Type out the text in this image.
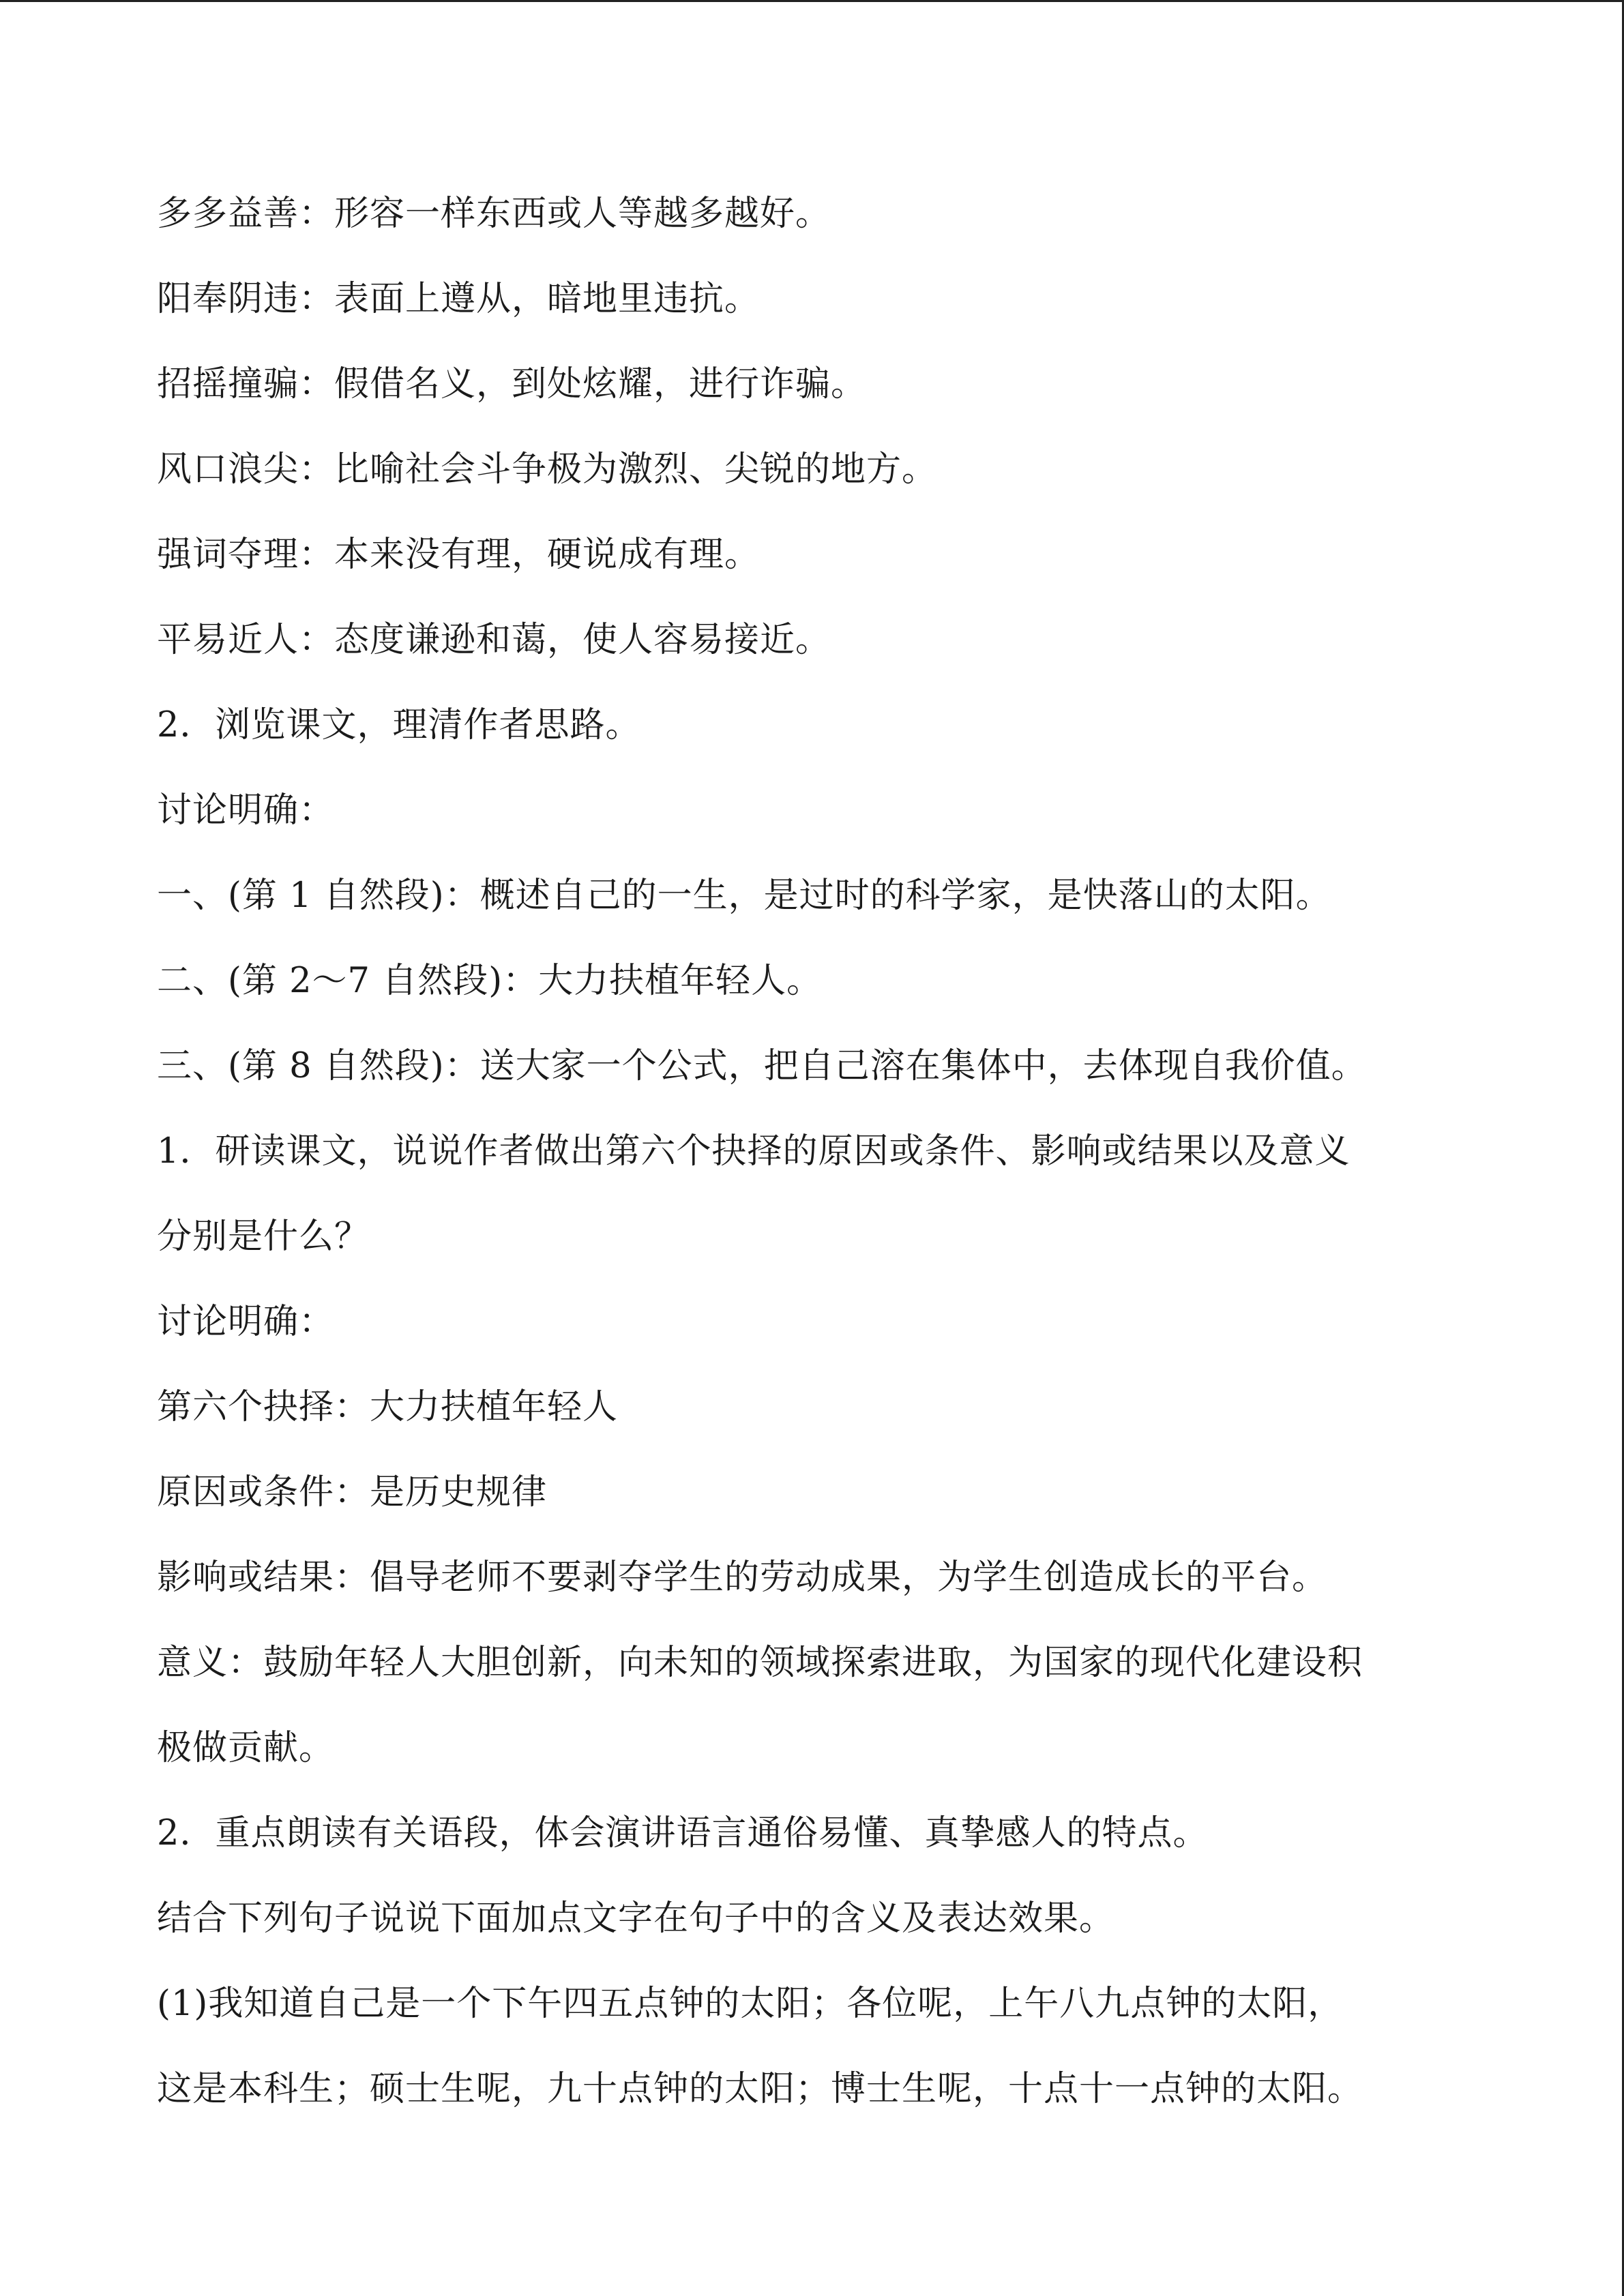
多多益善：形容一样东西或人等越多越好。
阳奉阴违：表面上遵从，暗地里违抗。
招摇撞骗：假借名义，到处炫耀，进行诈骗。
风口浪尖：比喻社会斗争极为激烈、尖锐的地方。
强词夺理：本来没有理，硬说成有理。
平易近人：态度谦逊和蔼，使人容易接近。
2．浏览课文，理清作者思路。
讨论明确：
一、(第 1 自然段)：概述自己的一生，是过时的科学家，是快落山的太阳。
二、(第 2～7 自然段)：大力扶植年轻人。
三、(第 8 自然段)：送大家一个公式，把自己溶在集体中，去体现自我价值。
1．研读课文，说说作者做出第六个抉择的原因或条件、影响或结果以及意义
分别是什么？
讨论明确：
第六个抉择：大力扶植年轻人
原因或条件：是历史规律
影响或结果：倡导老师不要剥夺学生的劳动成果，为学生创造成长的平台。
意义：鼓励年轻人大胆创新，向未知的领域探索进取，为国家的现代化建设积
极做贡献。
2．重点朗读有关语段，体会演讲语言通俗易懂、真挚感人的特点。
结合下列句子说说下面加点文字在句子中的含义及表达效果。
(1)我知道自己是一个下午四五点钟的太阳；各位呢，上午八九点钟的太阳，
这是本科生；硕士生呢，九十点钟的太阳；博士生呢，十点十一点钟的太阳。
